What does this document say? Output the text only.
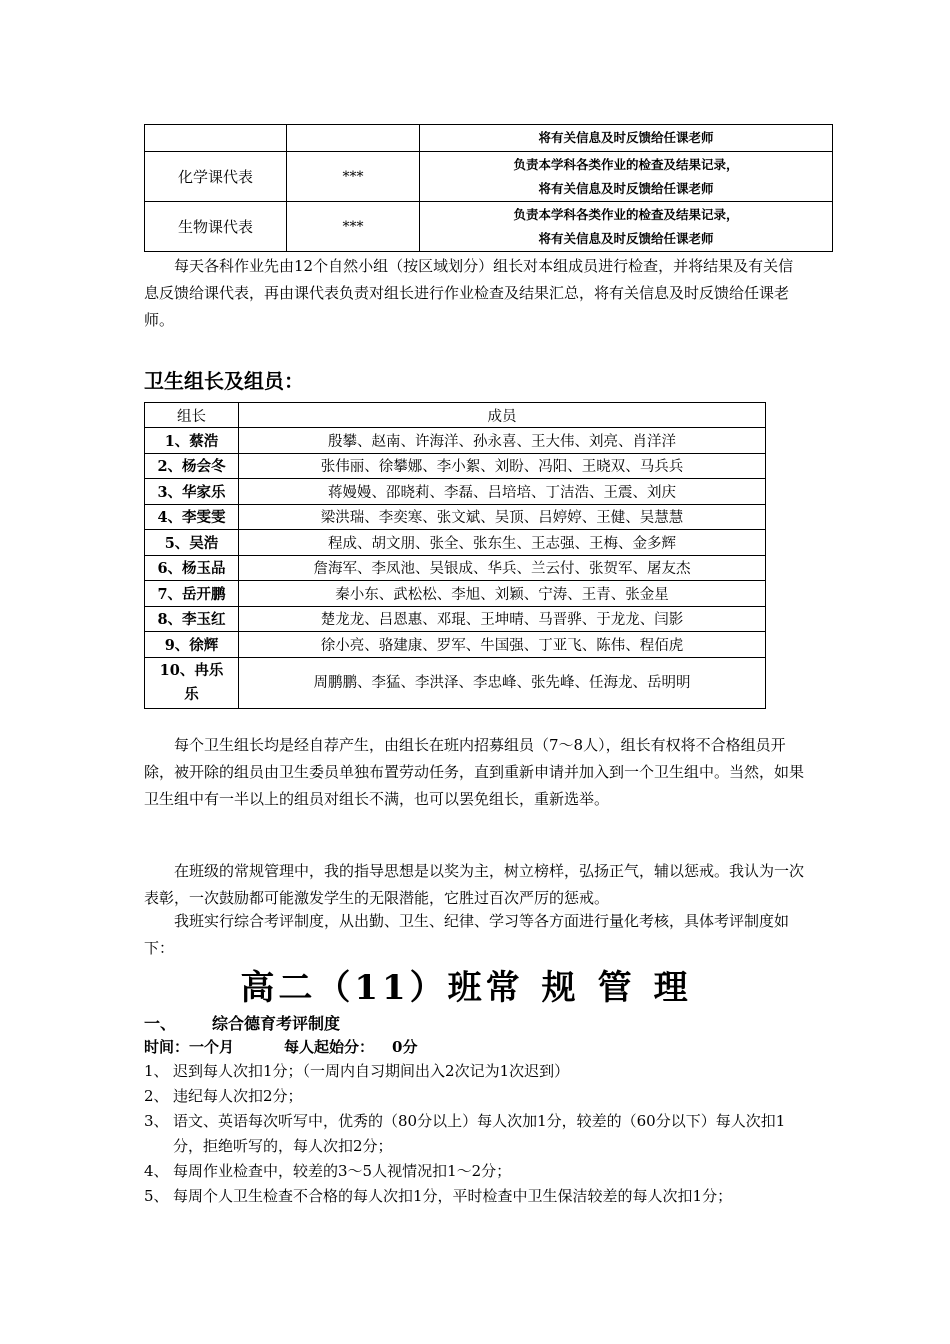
		将有关信息及时反馈给任课老师
化学课代表	***	负责本学科各类作业的检查及结果记录，
将有关信息及时反馈给任课老师
生物课代表	***	负责本学科各类作业的检查及结果记录，
将有关信息及时反馈给任课老师
每天各科作业先由12个自然小组（按区域划分）组长对本组成员进行检查，并将结果及有关信息反馈给课代表，再由课代表负责对组长进行作业检查及结果汇总，将有关信息及时反馈给任课老师。
卫生组长及组员：
组长	成员
1、蔡浩	殷攀、赵南、许海洋、孙永喜、王大伟、刘亮、肖洋洋
2、杨会冬	张伟丽、徐攀娜、李小絮、刘盼、冯阳、王晓双、马兵兵
3、华家乐	蒋嫚嫚、邵晓莉、李磊、吕培培、丁洁浩、王震、刘庆
4、李雯雯	梁洪瑞、李奕寒、张文斌、吴顶、吕婷婷、王健、吴慧慧
5、吴浩	程成、胡文朋、张全、张东生、王志强、王梅、金多辉
6、杨玉品	詹海军、李凤池、吴银成、华兵、兰云付、张贺军、屠友杰
7、岳开鹏	秦小东、武松松、李旭、刘颖、宁涛、王青、张金星
8、李玉红	楚龙龙、吕恩惠、邓琨、王坤晴、马晋骅、于龙龙、闫影
9、徐辉	徐小亮、骆建康、罗军、牛国强、丁亚飞、陈伟、程佰虎
10、冉乐
乐	周鹏鹏、李猛、李洪泽、李忠峰、张先峰、任海龙、岳明明
每个卫生组长均是经自荐产生，由组长在班内招募组员（7～8人），组长有权将不合格组员开除，被开除的组员由卫生委员单独布置劳动任务，直到重新申请并加入到一个卫生组中。当然，如果卫生组中有一半以上的组员对组长不满，也可以罢免组长，重新选举。
在班级的常规管理中，我的指导思想是以奖为主，树立榜样，弘扬正气，辅以惩戒。我认为一次表彰，一次鼓励都可能激发学生的无限潜能，它胜过百次严厉的惩戒。
我班实行综合考评制度，从出勤、卫生、纪律、学习等各方面进行量化考核，具体考评制度如下：
高二（11）班常规管理
一、 综合德育考评制度
时间：一个月	每人起始分： 0分
1、 迟到每人次扣1分；（一周内自习期间出入2次记为1次迟到）
2、 违纪每人次扣2分；
3、 语文、英语每次听写中，优秀的（80分以上）每人次加1分，较差的（60分以下）每人次扣1分，拒绝听写的，每人次扣2分；
4、 每周作业检查中，较差的3～5人视情况扣1～2分；
5、 每周个人卫生检查不合格的每人次扣1分，平时检查中卫生保洁较差的每人次扣1分；
